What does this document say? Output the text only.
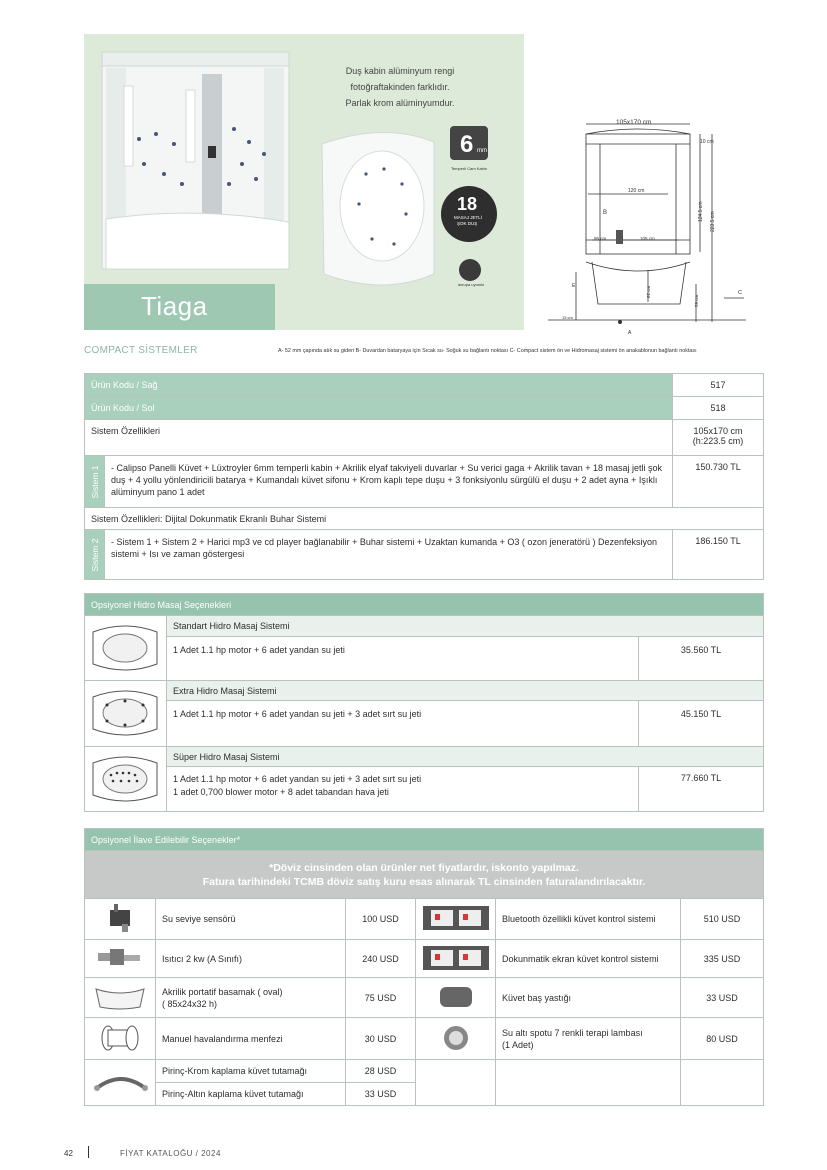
6 mm
Temperli Cam Kabin
18
MASAJ JETLİ
ŞOK DUŞ
avrupa uyumlu
Duş kabin alüminyum rengi
fotoğraftakinden farklıdır.
Parlak krom alüminyumdur.
Tiaga
105x170 cm
10 cm
120 cm
124.5 cm 223.5 cm
B
95 cm	105 cm
E
C
A
59 cm
62 cm
15 cm
COMPACT SİSTEMLER	A- 52 mm çapında atık su gideri B- Duvardan bataryaya için Sıcak su- Soğuk su bağlantı noktası C- Compact sistem ön ve Hidromasaj sistemi ön anakablonun bağlantı noktası
Ürün Kodu / Sağ		517
Ürün Kodu / Sol		518
Sistem Özellikleri		105x170 cm
(h:223.5 cm)

Sistem 1	- Calipso Panelli Küvet + Lüxtroyler 6mm temperli kabin + Akrilik elyaf takviyeli duvarlar + Su verici gaga + Akrilik tavan + 18 masaj jetli şok duş + 4 yollu yönlendiricili batarya + Kumandalı küvet sifonu + Krom kaplı tepe duşu + 3 fonksiyonlu sürgülü el duşu + 2 adet ayna + Işıklı alüminyum pano 1 adet	150.730 TL
Sistem Özellikleri: Dijital Dokunmatik Ekranlı Buhar Sistemi		

Sistem 2	- Sistem 1 + Sistem 2 + Harici mp3 ve cd player bağlanabilir + Buhar sistemi + Uzaktan kumanda + O3 ( ozon jeneratörü ) Dezenfeksiyon sistemi + Isı ve zaman göstergesi	186.150 TL
Opsiyonel Hidro Masaj Seçenekleri		
	Standart Hidro Masaj Sistemi	
	1 Adet 1.1 hp motor + 6 adet yandan su jeti	35.560 TL
	Extra Hidro Masaj Sistemi	
	1 Adet 1.1 hp motor + 6 adet yandan su jeti + 3 adet sırt su jeti	45.150 TL
	Süper Hidro Masaj Sistemi	

	1 Adet 1.1 hp motor + 6 adet yandan su jeti + 3 adet sırt su jeti
1 adet 0,700 blower motor + 8 adet tabandan hava jeti	77.660 TL
Opsiyonel İlave Edilebilir Seçenekler*					

*Döviz cinsinden olan ürünler net fiyatlardır, iskonto yapılmaz.
Fatura tarihindeki TCMB döviz satış kuru esas alınarak TL cinsinden faturalandırılacaktır.					

	Su seviye sensörü	100 USD		Bluetooth özellikli küvet kontrol sistemi	510 USD
	Isıtıcı 2 kw (A Sınıfı)	240 USD		Dokunmatik ekran küvet kontrol sistemi	335 USD

Akrilik portatif basamak ( oval)
( 85x24x32 h)	75 USD		Küvet baş yastığı	33 USD
	Manuel havalandırma menfezi	30 USD		Su altı spotu 7 renkli terapi lambası
(1 Adet)	80 USD
	Pirinç-Krom kaplama küvet tutamağı	28 USD			
	Pirinç-Altın kaplama küvet tutamağı	33 USD			
42	FİYAT KATALOĞU / 2024
